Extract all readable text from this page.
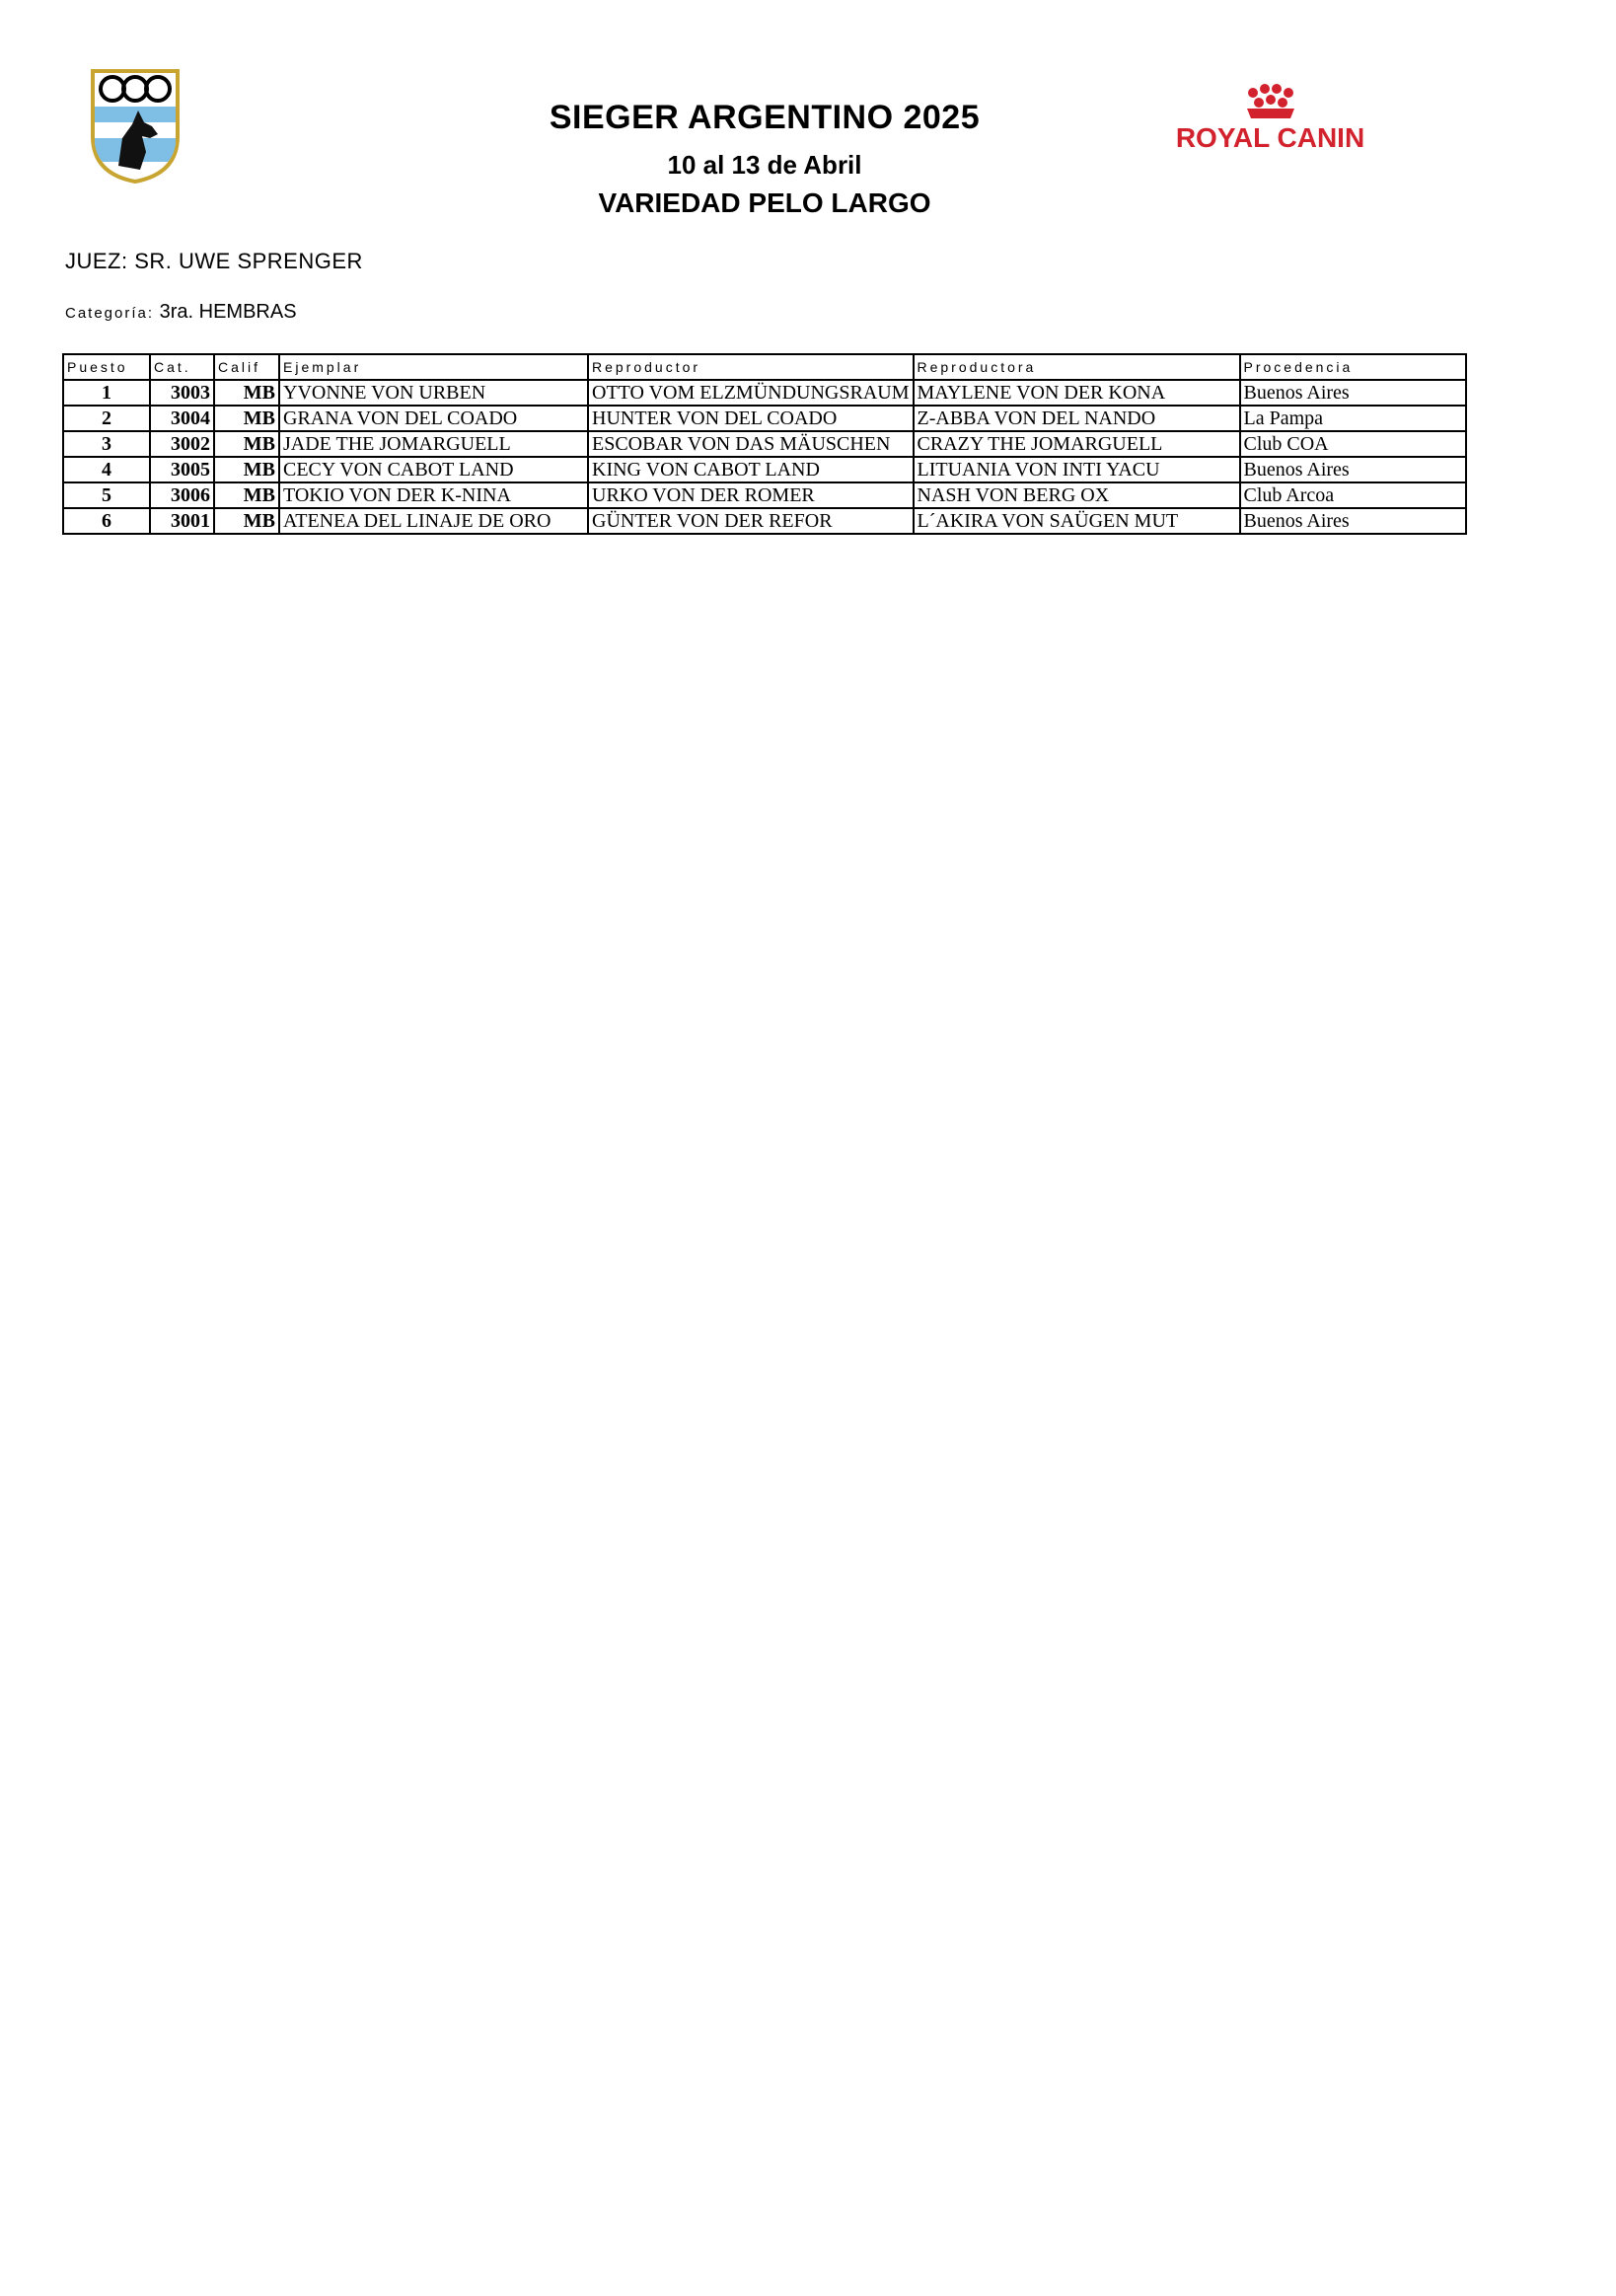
ROYAL CANIN
SIEGER ARGENTINO 2025
10 al 13 de Abril
VARIEDAD PELO LARGO
JUEZ: SR. UWE SPRENGER
Categoría: 3ra. HEMBRAS
Puesto	Cat.	Calif	Ejemplar	Reproductor	Reproductora	Procedencia
1	3003	MB	YVONNE VON URBEN	OTTO VOM ELZMÜNDUNGSRAUM	MAYLENE VON DER KONA	Buenos Aires
2	3004	MB	GRANA VON DEL COADO	HUNTER VON DEL COADO	Z-ABBA VON DEL NANDO	La Pampa
3	3002	MB	JADE THE JOMARGUELL	ESCOBAR VON DAS MÄUSCHEN	CRAZY THE JOMARGUELL	Club COA
4	3005	MB	CECY VON CABOT LAND	KING VON CABOT LAND	LITUANIA VON INTI YACU	Buenos Aires
5	3006	MB	TOKIO VON DER K-NINA	URKO VON DER ROMER	NASH VON BERG OX	Club Arcoa
6	3001	MB	ATENEA DEL LINAJE DE ORO	GÜNTER VON DER REFOR	L´AKIRA VON SAÜGEN MUT	Buenos Aires
